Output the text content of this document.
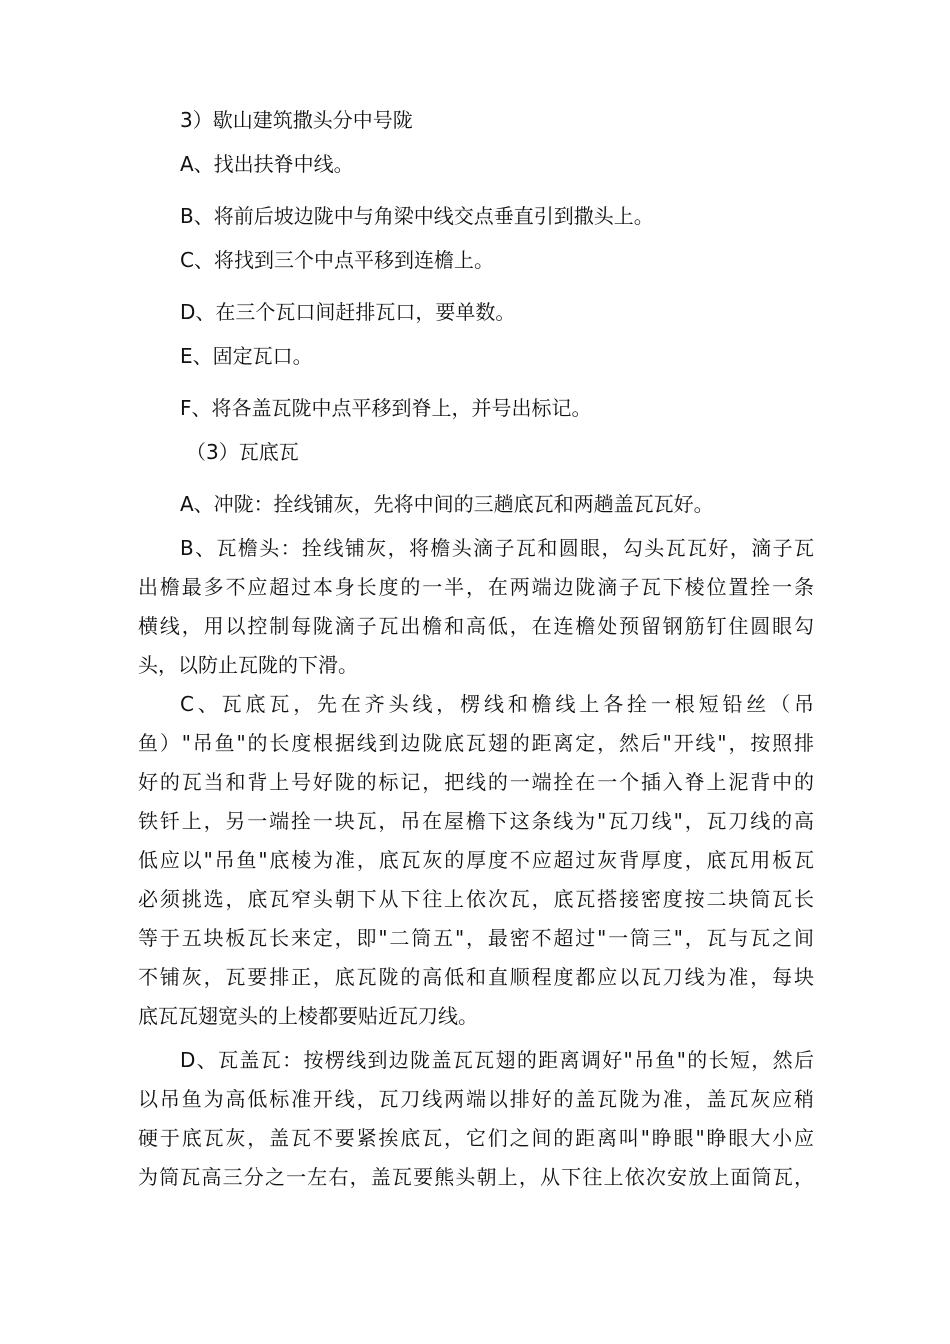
3）歇山建筑撒头分中号陇
A、找出扶脊中线。
B、将前后坡边陇中与角梁中线交点垂直引到撒头上。
C、将找到三个中点平移到连檐上。
D、在三个瓦口间赶排瓦口，要单数。
E、固定瓦口。
F、将各盖瓦陇中点平移到脊上，并号出标记。
（3）瓦底瓦
A、冲陇：拴线铺灰，先将中间的三趟底瓦和两趟盖瓦瓦好。
B、瓦檐头：拴线铺灰，将檐头滴子瓦和圆眼，勾头瓦瓦好，滴子瓦
出檐最多不应超过本身长度的一半，在两端边陇滴子瓦下棱位置拴一条
横线，用以控制每陇滴子瓦出檐和高低，在连檐处预留钢筋钉住圆眼勾
头，以防止瓦陇的下滑。
C、瓦底瓦，先在齐头线，楞线和檐线上各拴一根短铅丝（吊
鱼）"吊鱼"的长度根据线到边陇底瓦翅的距离定，然后"开线"，按照排
好的瓦当和背上号好陇的标记，把线的一端拴在一个插入脊上泥背中的
铁钎上，另一端拴一块瓦，吊在屋檐下这条线为"瓦刀线"，瓦刀线的高
低应以"吊鱼"底棱为准，底瓦灰的厚度不应超过灰背厚度，底瓦用板瓦
必须挑选，底瓦窄头朝下从下往上依次瓦，底瓦搭接密度按二块筒瓦长
等于五块板瓦长来定，即"二筒五"，最密不超过"一筒三"，瓦与瓦之间
不铺灰，瓦要排正，底瓦陇的高低和直顺程度都应以瓦刀线为准，每块
底瓦瓦翅宽头的上棱都要贴近瓦刀线。
D、瓦盖瓦：按楞线到边陇盖瓦瓦翅的距离调好"吊鱼"的长短，然后
以吊鱼为高低标准开线，瓦刀线两端以排好的盖瓦陇为准，盖瓦灰应稍
硬于底瓦灰，盖瓦不要紧挨底瓦，它们之间的距离叫"睁眼"睁眼大小应
为筒瓦高三分之一左右，盖瓦要熊头朝上，从下往上依次安放上面筒瓦，
